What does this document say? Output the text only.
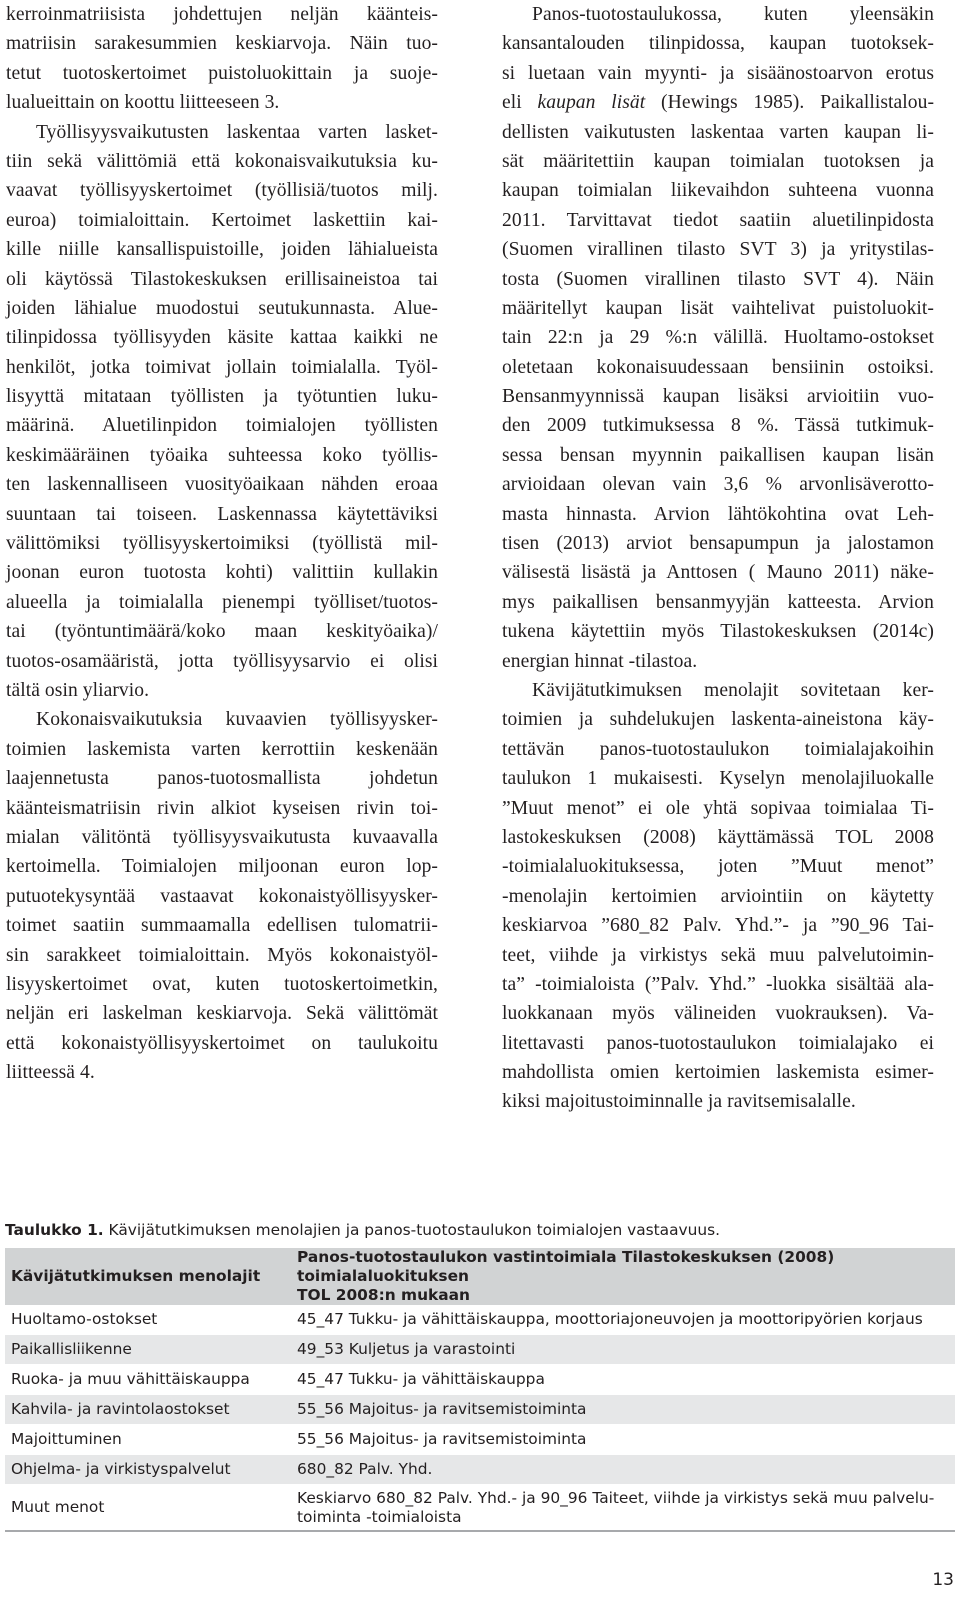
kerroinmatriisista johdettujen neljän käänteis-
matriisin sarakesummien keskiarvoja. Näin tuo-
tetut tuotoskertoimet puistoluokittain ja suoje-
lualueittain on koottu liitteeseen 3.
Työllisyysvaikutusten laskentaa varten lasket-
tiin sekä välittömiä että kokonaisvaikutuksia ku-
vaavat työllisyyskertoimet (työllisiä/tuotos milj.
euroa) toimialoittain. Kertoimet laskettiin kai-
kille niille kansallispuistoille, joiden lähialueista
oli käytössä Tilastokeskuksen erillisaineistoa tai
joiden lähialue muodostui seutukunnasta. Alue-
tilinpidossa työllisyyden käsite kattaa kaikki ne
henkilöt, jotka toimivat jollain toimialalla. Työl-
lisyyttä mitataan työllisten ja työtuntien luku-
määrinä. Aluetilinpidon toimialojen työllisten
keskimääräinen työaika suhteessa koko työllis-
ten laskennalliseen vuosityöaikaan nähden eroaa
suuntaan tai toiseen. Laskennassa käytettäviksi
välittömiksi työllisyyskertoimiksi (työllistä mil-
joonan euron tuotosta kohti) valittiin kullakin
alueella ja toimialalla pienempi työlliset/tuotos-
tai (työntuntimäärä/koko maan keskityöaika)/
tuotos-osamääristä, jotta työllisyysarvio ei olisi
tältä osin yliarvio.
Kokonaisvaikutuksia kuvaavien työllisyysker-
toimien laskemista varten kerrottiin keskenään
laajennetusta panos-tuotosmallista johdetun
käänteismatriisin rivin alkiot kyseisen rivin toi-
mialan välitöntä työllisyysvaikutusta kuvaavalla
kertoimella. Toimialojen miljoonan euron lop-
putuotekysyntää vastaavat kokonaistyöllisyysker-
toimet saatiin summaamalla edellisen tulomatrii-
sin sarakkeet toimialoittain. Myös kokonaistyöl-
lisyyskertoimet ovat, kuten tuotoskertoimetkin,
neljän eri laskelman keskiarvoja. Sekä välittömät
että kokonaistyöllisyyskertoimet on taulukoitu
liitteessä 4.
Panos-tuotostaulukossa, kuten yleensäkin
kansantalouden tilinpidossa, kaupan tuotoksek-
si luetaan vain myynti- ja sisäänostoarvon erotus
eli kaupan lisät (Hewings 1985). Paikallistalou-
dellisten vaikutusten laskentaa varten kaupan li-
sät määritettiin kaupan toimialan tuotoksen ja
kaupan toimialan liikevaihdon suhteena vuonna
2011. Tarvittavat tiedot saatiin aluetilinpidosta
(Suomen virallinen tilasto SVT 3) ja yritystilas-
tosta (Suomen virallinen tilasto SVT 4). Näin
määritellyt kaupan lisät vaihtelivat puistoluokit-
tain 22:n ja 29 %:n välillä. Huoltamo-ostokset
oletetaan kokonaisuudessaan bensiinin ostoiksi.
Bensanmyynnissä kaupan lisäksi arvioitiin vuo-
den 2009 tutkimuksessa 8 %. Tässä tutkimuk-
sessa bensan myynnin paikallisen kaupan lisän
arvioidaan olevan vain 3,6 % arvonlisäverotto-
masta hinnasta. Arvion lähtökohtina ovat Leh-
tisen (2013) arviot bensapumpun ja jalostamon
välisestä lisästä ja Anttosen ( Mauno 2011) näke-
mys paikallisen bensanmyyjän katteesta. Arvion
tukena käytettiin myös Tilastokeskuksen (2014c)
energian hinnat -tilastoa.
Kävijätutkimuksen menolajit sovitetaan ker-
toimien ja suhdelukujen laskenta-aineistona käy-
tettävän panos-tuotostaulukon toimialajakoihin
taulukon 1 mukaisesti. Kyselyn menolajiluokalle
”Muut menot” ei ole yhtä sopivaa toimialaa Ti-
lastokeskuksen (2008) käyttämässä TOL 2008
-toimialaluokituksessa, joten ”Muut menot”
-menolajin kertoimien arviointiin on käytetty
keskiarvoa ”680_82 Palv. Yhd.”- ja ”90_96 Tai-
teet, viihde ja virkistys sekä muu palvelutoimin-
ta” -toimialoista (”Palv. Yhd.” -luokka sisältää ala-
luokkanaan myös välineiden vuokrauksen). Va-
litettavasti panos-tuotostaulukon toimialajako ei
mahdollista omien kertoimien laskemista esimer-
kiksi majoitustoiminnalle ja ravitsemisalalle.
Taulukko 1. Kävijätutkimuksen menolajien ja panos-tuotostaulukon toimialojen vastaavuus.
Kävijätutkimuksen menolajit	Panos-tuotostaulukon vastintoimiala Tilastokeskuksen (2008) toimialaluokituksen
TOL 2008:n mukaan

Huoltamo-ostokset	45_47 Tukku- ja vähittäiskauppa, moottoriajoneuvojen ja moottoripyörien korjaus
Paikallisliikenne	49_53 Kuljetus ja varastointi
Ruoka- ja muu vähittäiskauppa	45_47 Tukku- ja vähittäiskauppa
Kahvila- ja ravintolaostokset	55_56 Majoitus- ja ravitsemistoiminta
Majoittuminen	55_56 Majoitus- ja ravitsemistoiminta
Ohjelma- ja virkistyspalvelut	680_82 Palv. Yhd.
Muut menot	Keskiarvo 680_82 Palv. Yhd.- ja 90_96 Taiteet, viihde ja virkistys sekä muu palvelu-
toiminta -toimialoista
13
